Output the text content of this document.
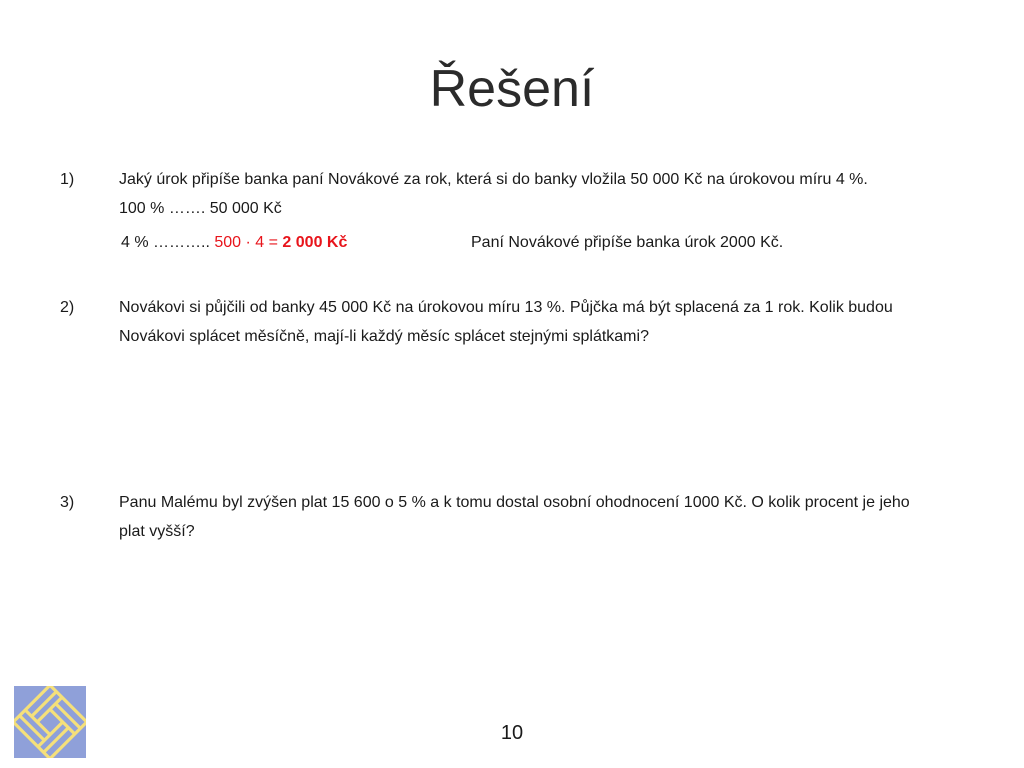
Řešení
1)	Jaký úrok připíše banka paní Novákové za rok, která si do banky vložila 50 000 Kč na úrokovou míru 4 %.
100 % ……. 50 000 Kč
4 % ……….. 500 · 4 = 2 000 Kč	Paní Novákové připíše banka úrok 2000 Kč.
2)	Novákovi si půjčili od banky 45 000 Kč na úrokovou míru 13 %. Půjčka má být splacená za 1 rok. Kolik budou
Novákovi splácet měsíčně, mají-li každý měsíc splácet stejnými splátkami?
3)	Panu Malému byl zvýšen plat 15 600 o 5 % a k tomu dostal osobní ohodnocení 1000 Kč. O kolik procent je jeho
plat vyšší?
10
